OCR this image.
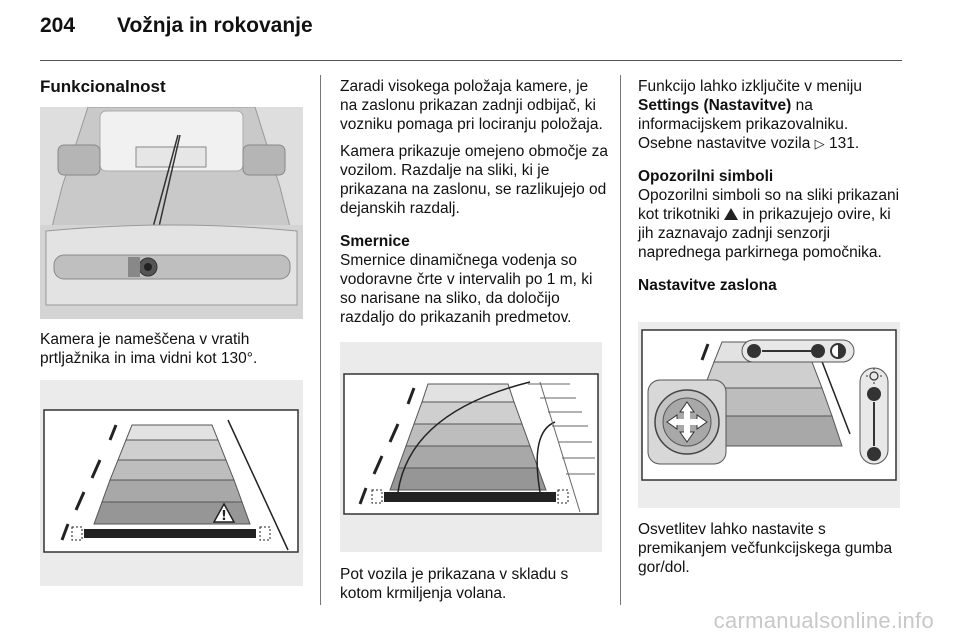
204 Vožnja in rokovanje
Funkcionalnost
Kamera je nameščena v vratih prtljažnika in ima vidni kot 130°.
!

Zaradi visokega položaja kamere, je na zaslonu prikazan zadnji odbijač, ki vozniku pomaga pri lociranju položaja.

Kamera prikazuje omejeno območje za vozilom. Razdalje na sliki, ki je prikazana na zaslonu, se razlikujejo od dejanskih razdalj.

Smernice

Smernice dinamičnega vodenja so vodoravne črte v intervalih po 1 m, ki so narisane na sliko, da določijo razdaljo do prikazanih predmetov.

Pot vozila je prikazana v skladu s kotom krmiljenja volana.

Funkcijo lahko izključite v meniju Settings (Nastavitve) na informacijskem prikazovalniku. Osebne nastavitve vozila ▷ 131.

Opozorilni simboli

Opozorilni simboli so na sliki prikazani kot trikotniki in prikazujejo ovire, ki jih zaznavajo zadnji senzorji naprednega parkirnega pomočnika.

Nastavitve zaslona

Osvetlitev lahko nastavite s premikanjem večfunkcijskega gumba gor/dol.
carmanualsonline.info
